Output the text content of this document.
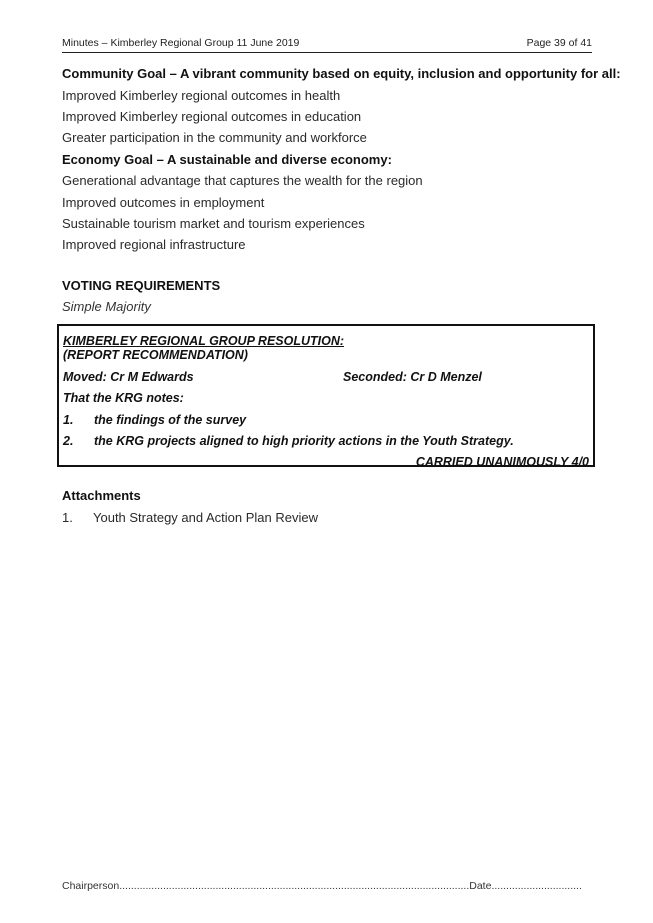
Minutes – Kimberley Regional Group 11 June 2019	Page 39 of 41
Community Goal – A vibrant community based on equity, inclusion and opportunity for all:
Improved Kimberley regional outcomes in health
Improved Kimberley regional outcomes in education
Greater participation in the community and workforce
Economy Goal – A sustainable and diverse economy:
Generational advantage that captures the wealth for the region
Improved outcomes in employment
Sustainable tourism market and tourism experiences
Improved regional infrastructure
VOTING REQUIREMENTS
Simple Majority
KIMBERLEY REGIONAL GROUP RESOLUTION:
(REPORT RECOMMENDATION)
Moved: Cr M Edwards	Seconded: Cr D Menzel
That the KRG notes:
1. the findings of the survey
2. the KRG projects aligned to high priority actions in the Youth Strategy.
CARRIED UNANIMOUSLY 4/0
Attachments
1. Youth Strategy and Action Plan Review
Chairperson........................................................................................................................Date...............................
